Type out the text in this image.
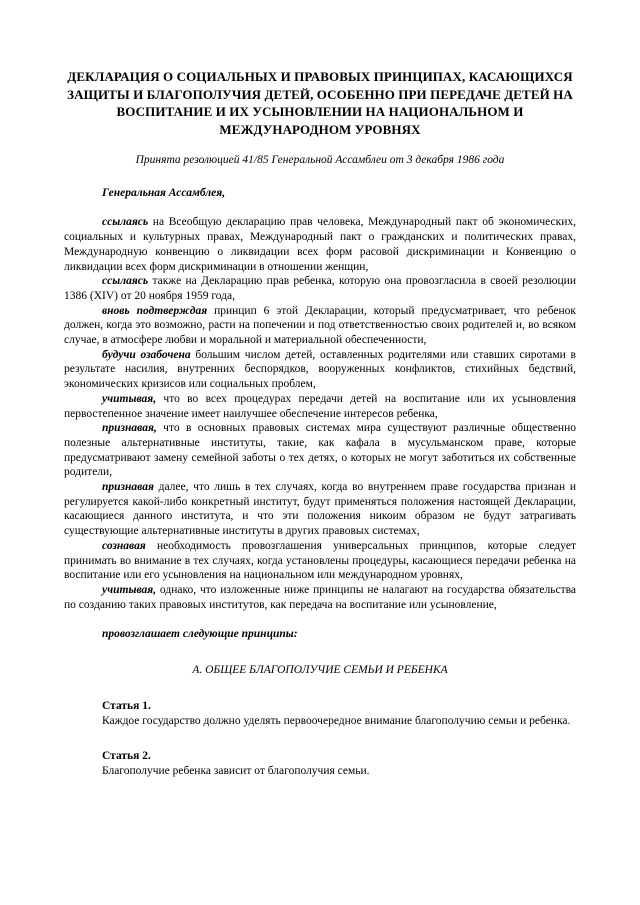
ДЕКЛАРАЦИЯ О СОЦИАЛЬНЫХ И ПРАВОВЫХ ПРИНЦИПАХ, КАСАЮЩИХСЯ ЗАЩИТЫ И БЛАГОПОЛУЧИЯ ДЕТЕЙ, ОСОБЕННО ПРИ ПЕРЕДАЧЕ ДЕТЕЙ НА ВОСПИТАНИЕ И ИХ УСЫНОВЛЕНИИ НА НАЦИОНАЛЬНОМ И МЕЖДУНАРОДНОМ УРОВНЯХ

Принята резолюцией 41/85 Генеральной Ассамблеи от 3 декабря 1986 года

Генеральная Ассамблея,

ссылаясь на Всеобщую декларацию прав человека, Международный пакт об экономических, социальных и культурных правах, Международный пакт о гражданских и политических правах, Международную конвенцию о ликвидации всех форм расовой дискриминации и Конвенцию о ликвидации всех форм дискриминации в отношении женщин,

ссылаясь также на Декларацию прав ребенка, которую она провозгласила в своей резолюции 1386 (XIV) от 20 ноября 1959 года,

вновь подтверждая принцип 6 этой Декларации, который предусматривает, что ребенок должен, когда это возможно, расти на попечении и под ответственностью своих родителей и, во всяком случае, в атмосфере любви и моральной и материальной обеспеченности,

будучи озабочена большим числом детей, оставленных родителями или ставших сиротами в результате насилия, внутренних беспорядков, вооруженных конфликтов, стихийных бедствий, экономических кризисов или социальных проблем,

учитывая, что во всех процедурах передачи детей на воспитание или их усыновления первостепенное значение имеет наилучшее обеспечение интересов ребенка,

признавая, что в основных правовых системах мира существуют различные общественно полезные альтернативные институты, такие, как кафала в мусульманском праве, которые предусматривают замену семейной заботы о тех детях, о которых не могут заботиться их собственные родители,

признавая далее, что лишь в тех случаях, когда во внутреннем праве государства признан и регулируется какой-либо конкретный институт, будут применяться положения настоящей Декларации, касающиеся данного института, и что эти положения никоим образом не будут затрагивать существующие альтернативные институты в других правовых системах,

сознавая необходимость провозглашения универсальных принципов, которые следует принимать во внимание в тех случаях, когда установлены процедуры, касающиеся передачи ребенка на воспитание или его усыновления на национальном или международном уровнях,

учитывая, однако, что изложенные ниже принципы не налагают на государства обязательства по созданию таких правовых институтов, как передача на воспитание или усыновление,

провозглашает следующие принципы:

А. ОБЩЕЕ БЛАГОПОЛУЧИЕ СЕМЬИ И РЕБЕНКА

Статья 1.

Каждое государство должно уделять первоочередное внимание благополучию семьи и ребенка.

Статья 2.

Благополучие ребенка зависит от благополучия семьи.
